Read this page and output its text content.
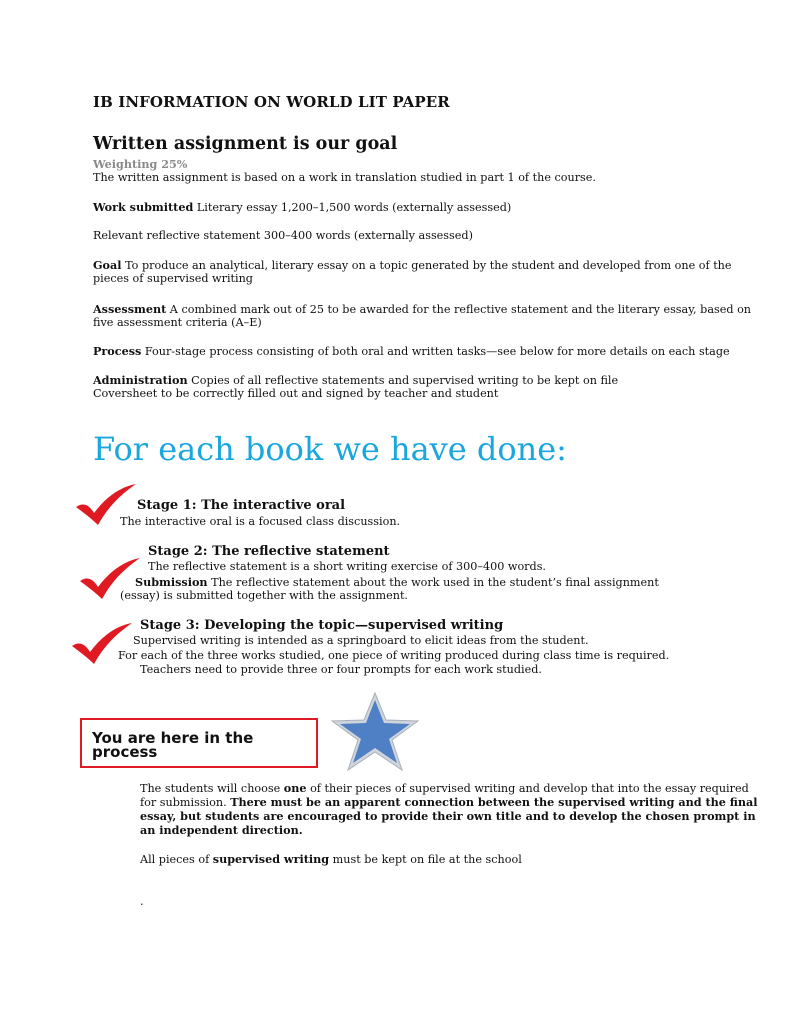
IB INFORMATION ON WORLD LIT PAPER
Written assignment is our goal
Weighting 25%
The written assignment is based on a work in translation studied in part 1 of the course.
Work submitted Literary essay 1,200–1,500 words (externally assessed)
Relevant reflective statement 300–400 words (externally assessed)
Goal To produce an analytical, literary essay on a topic generated by the student and developed from one of the
pieces of supervised writing
Assessment A combined mark out of 25 to be awarded for the reflective statement and the literary essay, based on
five assessment criteria (A–E)
Process Four-stage process consisting of both oral and written tasks—see below for more details on each stage
Administration Copies of all reflective statements and supervised writing to be kept on file
Coversheet to be correctly filled out and signed by teacher and student
For each book we have done:
Stage 1: The interactive oral
The interactive oral is a focused class discussion.
Stage 2: The reflective statement
The reflective statement is a short writing exercise of 300–400 words.
Submission The reflective statement about the work used in the student’s final assignment
(essay) is submitted together with the assignment.
Stage 3: Developing the topic—supervised writing
Supervised writing is intended as a springboard to elicit ideas from the student.
For each of the three works studied, one piece of writing produced during class time is required.
Teachers need to provide three or four prompts for each work studied.
You are here in the process
The students will choose one of their pieces of supervised writing and develop that into the essay required
for submission. There must be an apparent connection between the supervised writing and the final
essay, but students are encouraged to provide their own title and to develop the chosen prompt in
an independent direction.
All pieces of supervised writing must be kept on file at the school
.
